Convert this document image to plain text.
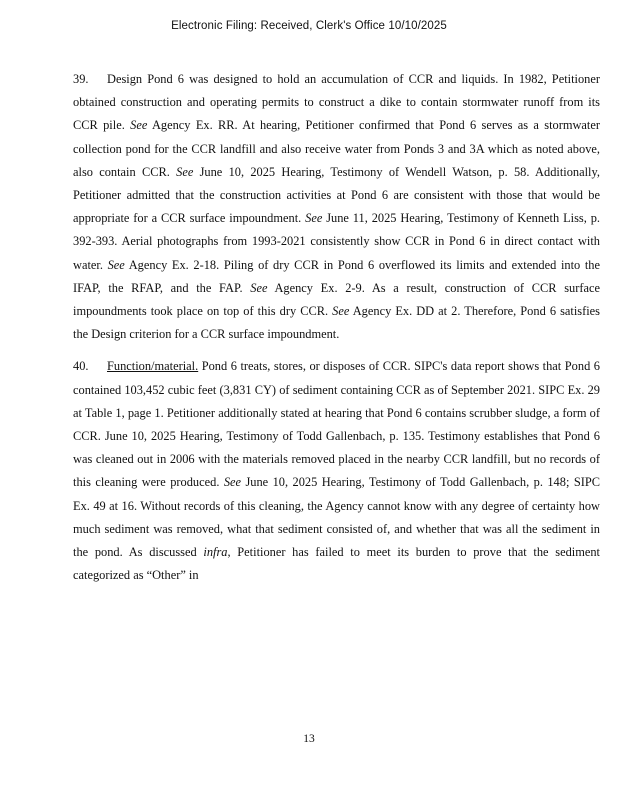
Electronic Filing: Received, Clerk's Office 10/10/2025

39. Design Pond 6 was designed to hold an accumulation of CCR and liquids. In 1982, Petitioner obtained construction and operating permits to construct a dike to contain stormwater runoff from its CCR pile. See Agency Ex. RR. At hearing, Petitioner confirmed that Pond 6 serves as a stormwater collection pond for the CCR landfill and also receive water from Ponds 3 and 3A which as noted above, also contain CCR. See June 10, 2025 Hearing, Testimony of Wendell Watson, p. 58. Additionally, Petitioner admitted that the construction activities at Pond 6 are consistent with those that would be appropriate for a CCR surface impoundment. See June 11, 2025 Hearing, Testimony of Kenneth Liss, p. 392-393. Aerial photographs from 1993-2021 consistently show CCR in Pond 6 in direct contact with water. See Agency Ex. 2-18. Piling of dry CCR in Pond 6 overflowed its limits and extended into the IFAP, the RFAP, and the FAP. See Agency Ex. 2-9. As a result, construction of CCR surface impoundments took place on top of this dry CCR. See Agency Ex. DD at 2. Therefore, Pond 6 satisfies the Design criterion for a CCR surface impoundment.

40. Function/material. Pond 6 treats, stores, or disposes of CCR. SIPC's data report shows that Pond 6 contained 103,452 cubic feet (3,831 CY) of sediment containing CCR as of September 2021. SIPC Ex. 29 at Table 1, page 1. Petitioner additionally stated at hearing that Pond 6 contains scrubber sludge, a form of CCR. June 10, 2025 Hearing, Testimony of Todd Gallenbach, p. 135. Testimony establishes that Pond 6 was cleaned out in 2006 with the materials removed placed in the nearby CCR landfill, but no records of this cleaning were produced. See June 10, 2025 Hearing, Testimony of Todd Gallenbach, p. 148; SIPC Ex. 49 at 16. Without records of this cleaning, the Agency cannot know with any degree of certainty how much sediment was removed, what that sediment consisted of, and whether that was all the sediment in the pond. As discussed infra, Petitioner has failed to meet its burden to prove that the sediment categorized as “Other” in

13
